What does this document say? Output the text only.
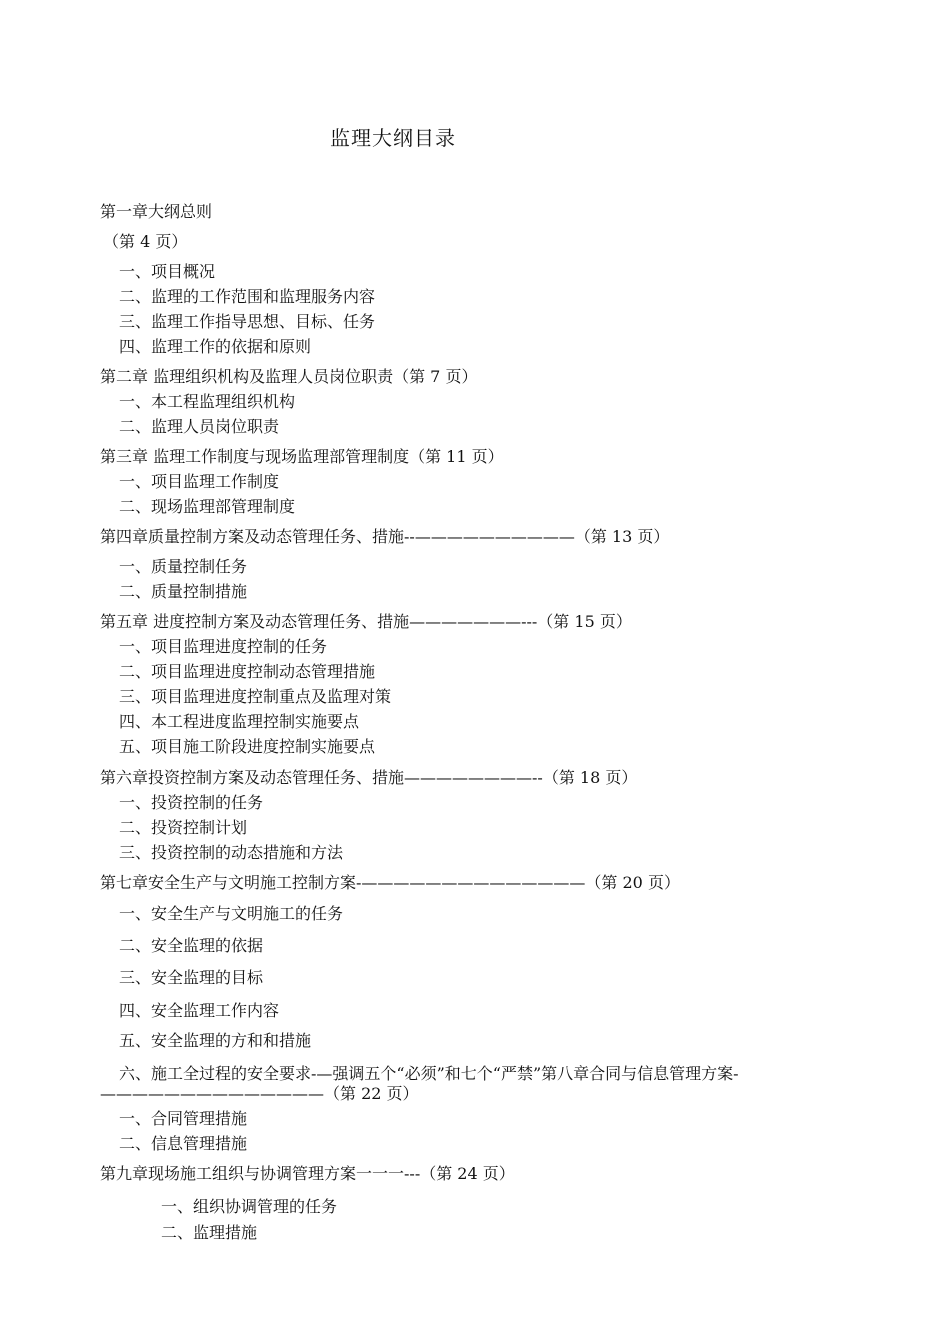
监理大纲目录
第一章大纲总则
（第 4 页）
一、项目概况
二、监理的工作范围和监理服务内容
三、监理工作指导思想、目标、任务
四、监理工作的依据和原则
第二章 监理组织机构及监理人员岗位职责（第 7 页）
一、本工程监理组织机构
二、监理人员岗位职责
第三章 监理工作制度与现场监理部管理制度（第 11 页）
一、项目监理工作制度
二、现场监理部管理制度
第四章质量控制方案及动态管理任务、措施--——————————（第 13 页）
一、质量控制任务
二、质量控制措施
第五章 进度控制方案及动态管理任务、措施———————---（第 15 页）
一、项目监理进度控制的任务
二、项目监理进度控制动态管理措施
三、项目监理进度控制重点及监理对策
四、本工程进度监理控制实施要点
五、项目施工阶段进度控制实施要点
第六章投资控制方案及动态管理任务、措施————————--（第 18 页）
一、投资控制的任务
二、投资控制计划
三、投资控制的动态措施和方法
第七章安全生产与文明施工控制方案-——————————————（第 20 页）
一、安全生产与文明施工的任务
二、安全监理的依据
三、安全监理的目标
四、安全监理工作内容
五、安全监理的方和和措施
六、施工全过程的安全要求-—强调五个“必须”和七个“严禁”第八章合同与信息管理方案-——————————————（第 22 页）
一、合同管理措施
二、信息管理措施
第九章现场施工组织与协调管理方案一一一---（第 24 页）
一、组织协调管理的任务
二、监理措施
